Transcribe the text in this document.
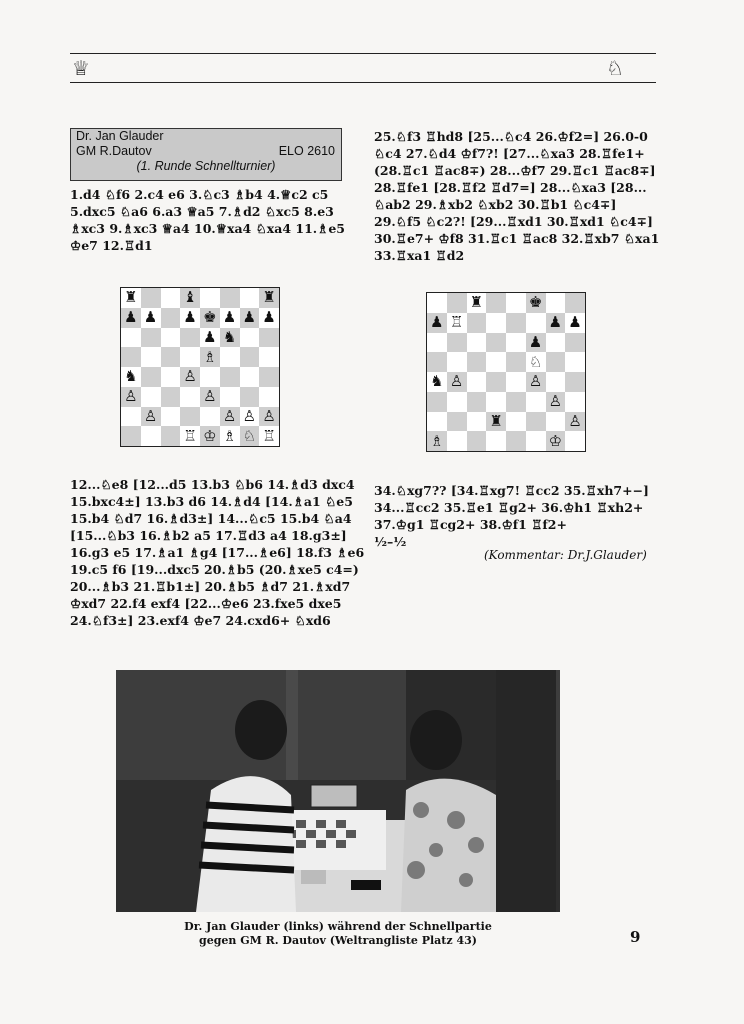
♕	♘
Dr. Jan Glauder
GM R.Dautov	ELO 2610
(1. Runde Schnellturnier)
1.d4 ♘f6 2.c4 e6 3.♘c3 ♗b4 4.♕c2 c5
5.dxc5 ♘a6 6.a3 ♕a5 7.♗d2 ♘xc5 8.e3
♗xc3 9.♗xc3 ♕a4 10.♕xa4 ♘xa4 11.♗e5
♔e7 12.♖d1
♜	♝	♜
♟ ♟ ♟ ♚ ♟ ♟ ♟
♟ ♞
♗
♞	♙
♙	♙
♙	♙ ♙ ♙
♖ ♔ ♗ ♘ ♖
12...♘e8 [12...d5 13.b3 ♘b6 14.♗d3 dxc4
15.bxc4±] 13.b3 d6 14.♗d4 [14.♗a1 ♘e5
15.b4 ♘d7 16.♗d3±] 14...♘c5 15.b4 ♘a4
[15...♘b3 16.♗b2 a5 17.♖d3 a4 18.g3±]
16.g3 e5 17.♗a1 ♗g4 [17...♗e6] 18.f3 ♗e6
19.c5 f6 [19...dxc5 20.♗b5 (20.♗xe5 c4=)
20...♗b3 21.♖b1±] 20.♗b5 ♗d7 21.♗xd7
♔xd7 22.f4 exf4 [22...♔e6 23.fxe5 dxe5
24.♘f3±] 23.exf4 ♔e7 24.cxd6+ ♘xd6
25.♘f3 ♖hd8 [25...♘c4 26.♔f2=] 26.0-0
♘c4 27.♘d4 ♔f7?! [27...♘xa3 28.♖fe1+
(28.♖c1 ♖ac8∓) 28...♔f7 29.♖c1 ♖ac8∓]
28.♖fe1 [28.♖f2 ♖d7=] 28...♘xa3 [28...
♘ab2 29.♗xb2 ♘xb2 30.♖b1 ♘c4∓]
29.♘f5 ♘c2?! [29...♖xd1 30.♖xd1 ♘c4∓]
30.♖e7+ ♔f8 31.♖c1 ♖ac8 32.♖xb7 ♘xa1
33.♖xa1 ♖d2
♜	♚
♟ ♖	♟ ♟
♟
♘
♞ ♙	♙
♙
♜	♙
♗	♔
34.♘xg7?? [34.♖xg7! ♖cc2 35.♖xh7+−]
34...♖cc2 35.♖e1 ♖g2+ 36.♔h1 ♖xh2+
37.♔g1 ♖cg2+ 38.♔f1 ♖f2+
½–½
(Kommentar: Dr.J.Glauder)
Dr. Jan Glauder (links) während der Schnellpartie
gegen GM R. Dautov (Weltrangliste Platz 43)	9
